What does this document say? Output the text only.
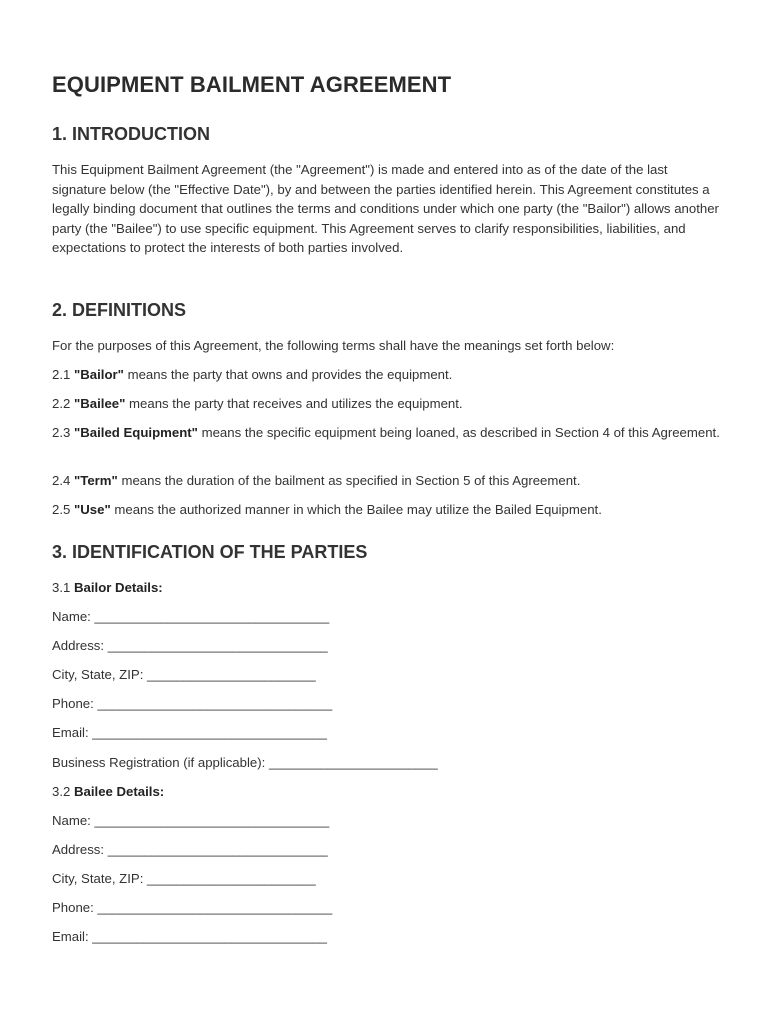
EQUIPMENT BAILMENT AGREEMENT
1. INTRODUCTION

This Equipment Bailment Agreement (the "Agreement") is made and entered into as of the date of the last signature below (the "Effective Date"), by and between the parties identified herein. This Agreement constitutes a legally binding document that outlines the terms and conditions under which one party (the "Bailor") allows another party (the "Bailee") to use specific equipment. This Agreement serves to clarify responsibilities, liabilities, and expectations to protect the interests of both parties involved.

2. DEFINITIONS

For the purposes of this Agreement, the following terms shall have the meanings set forth below:

2.1 "Bailor" means the party that owns and provides the equipment.

2.2 "Bailee" means the party that receives and utilizes the equipment.

2.3 "Bailed Equipment" means the specific equipment being loaned, as described in Section 4 of this Agreement.

2.4 "Term" means the duration of the bailment as specified in Section 5 of this Agreement.

2.5 "Use" means the authorized manner in which the Bailee may utilize the Bailed Equipment.

3. IDENTIFICATION OF THE PARTIES

3.1 Bailor Details:

Name: ________________________________

Address: ______________________________

City, State, ZIP: _______________________

Phone: ________________________________

Email: ________________________________

Business Registration (if applicable): _______________________

3.2 Bailee Details:

Name: ________________________________

Address: ______________________________

City, State, ZIP: _______________________

Phone: ________________________________

Email: ________________________________
